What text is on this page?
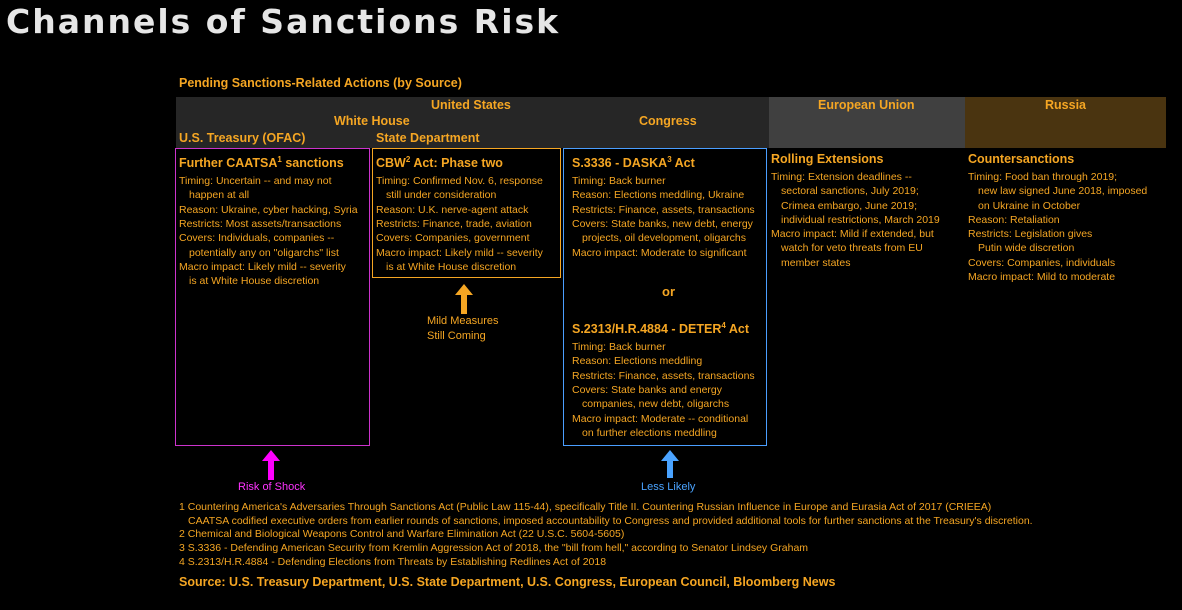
Channels of Sanctions Risk
Pending Sanctions-Related Actions (by Source)
United States
White House	Congress
U.S. Treasury (OFAC)	State Department
European Union	Russia
Further CAATSA$^1$ sanctions
Timing: Uncertain -- and may not
happen at all
Reason: Ukraine, cyber hacking, Syria
Restricts: Most assets/transactions
Covers: Individuals, companies --
potentially any on "oligarchs" list
Macro impact: Likely mild -- severity
is at White House discretion
CBW$^2$ Act: Phase two
Timing: Confirmed Nov. 6, response
still under consideration
Reason: U.K. nerve-agent attack
Restricts: Finance, trade, aviation
Covers: Companies, government
Macro impact: Likely mild -- severity
is at White House discretion
S.3336 - DASKA$^3$ Act
Timing: Back burner
Reason: Elections meddling, Ukraine
Restricts: Finance, assets, transactions
Covers: State banks, new debt, energy
projects, oil development, oligarchs
Macro impact: Moderate to significant
or
S.2313/H.R.4884 - DETER$^4$ Act
Timing: Back burner
Reason: Elections meddling
Restricts: Finance, assets, transactions
Covers: State banks and energy
companies, new debt, oligarchs
Macro impact: Moderate -- conditional
on further elections meddling
Rolling Extensions
Timing: Extension deadlines --
sectoral sanctions, July 2019;
Crimea embargo, June 2019;
individual restrictions, March 2019
Macro impact: Mild if extended, but
watch for veto threats from EU
member states
Countersanctions
Timing: Food ban through 2019;
new law signed June 2018, imposed
on Ukraine in October
Reason: Retaliation
Restricts: Legislation gives
Putin wide discretion
Covers: Companies, individuals
Macro impact: Mild to moderate
Risk of Shock
Mild Measures
Still Coming
Less Likely
1 Countering America's Adversaries Through Sanctions Act (Public Law 115-44), specifically Title II. Countering Russian Influence in Europe and Eurasia Act of 2017 (CRIEEA)
CAATSA codified executive orders from earlier rounds of sanctions, imposed accountability to Congress and provided additional tools for further sanctions at the Treasury's discretion.
2 Chemical and Biological Weapons Control and Warfare Elimination Act (22 U.S.C. 5604-5605)
3 S.3336 - Defending American Security from Kremlin Aggression Act of 2018, the "bill from hell," according to Senator Lindsey Graham
4 S.2313/H.R.4884 - Defending Elections from Threats by Establishing Redlines Act of 2018
Source: U.S. Treasury Department, U.S. State Department, U.S. Congress, European Council, Bloomberg News
